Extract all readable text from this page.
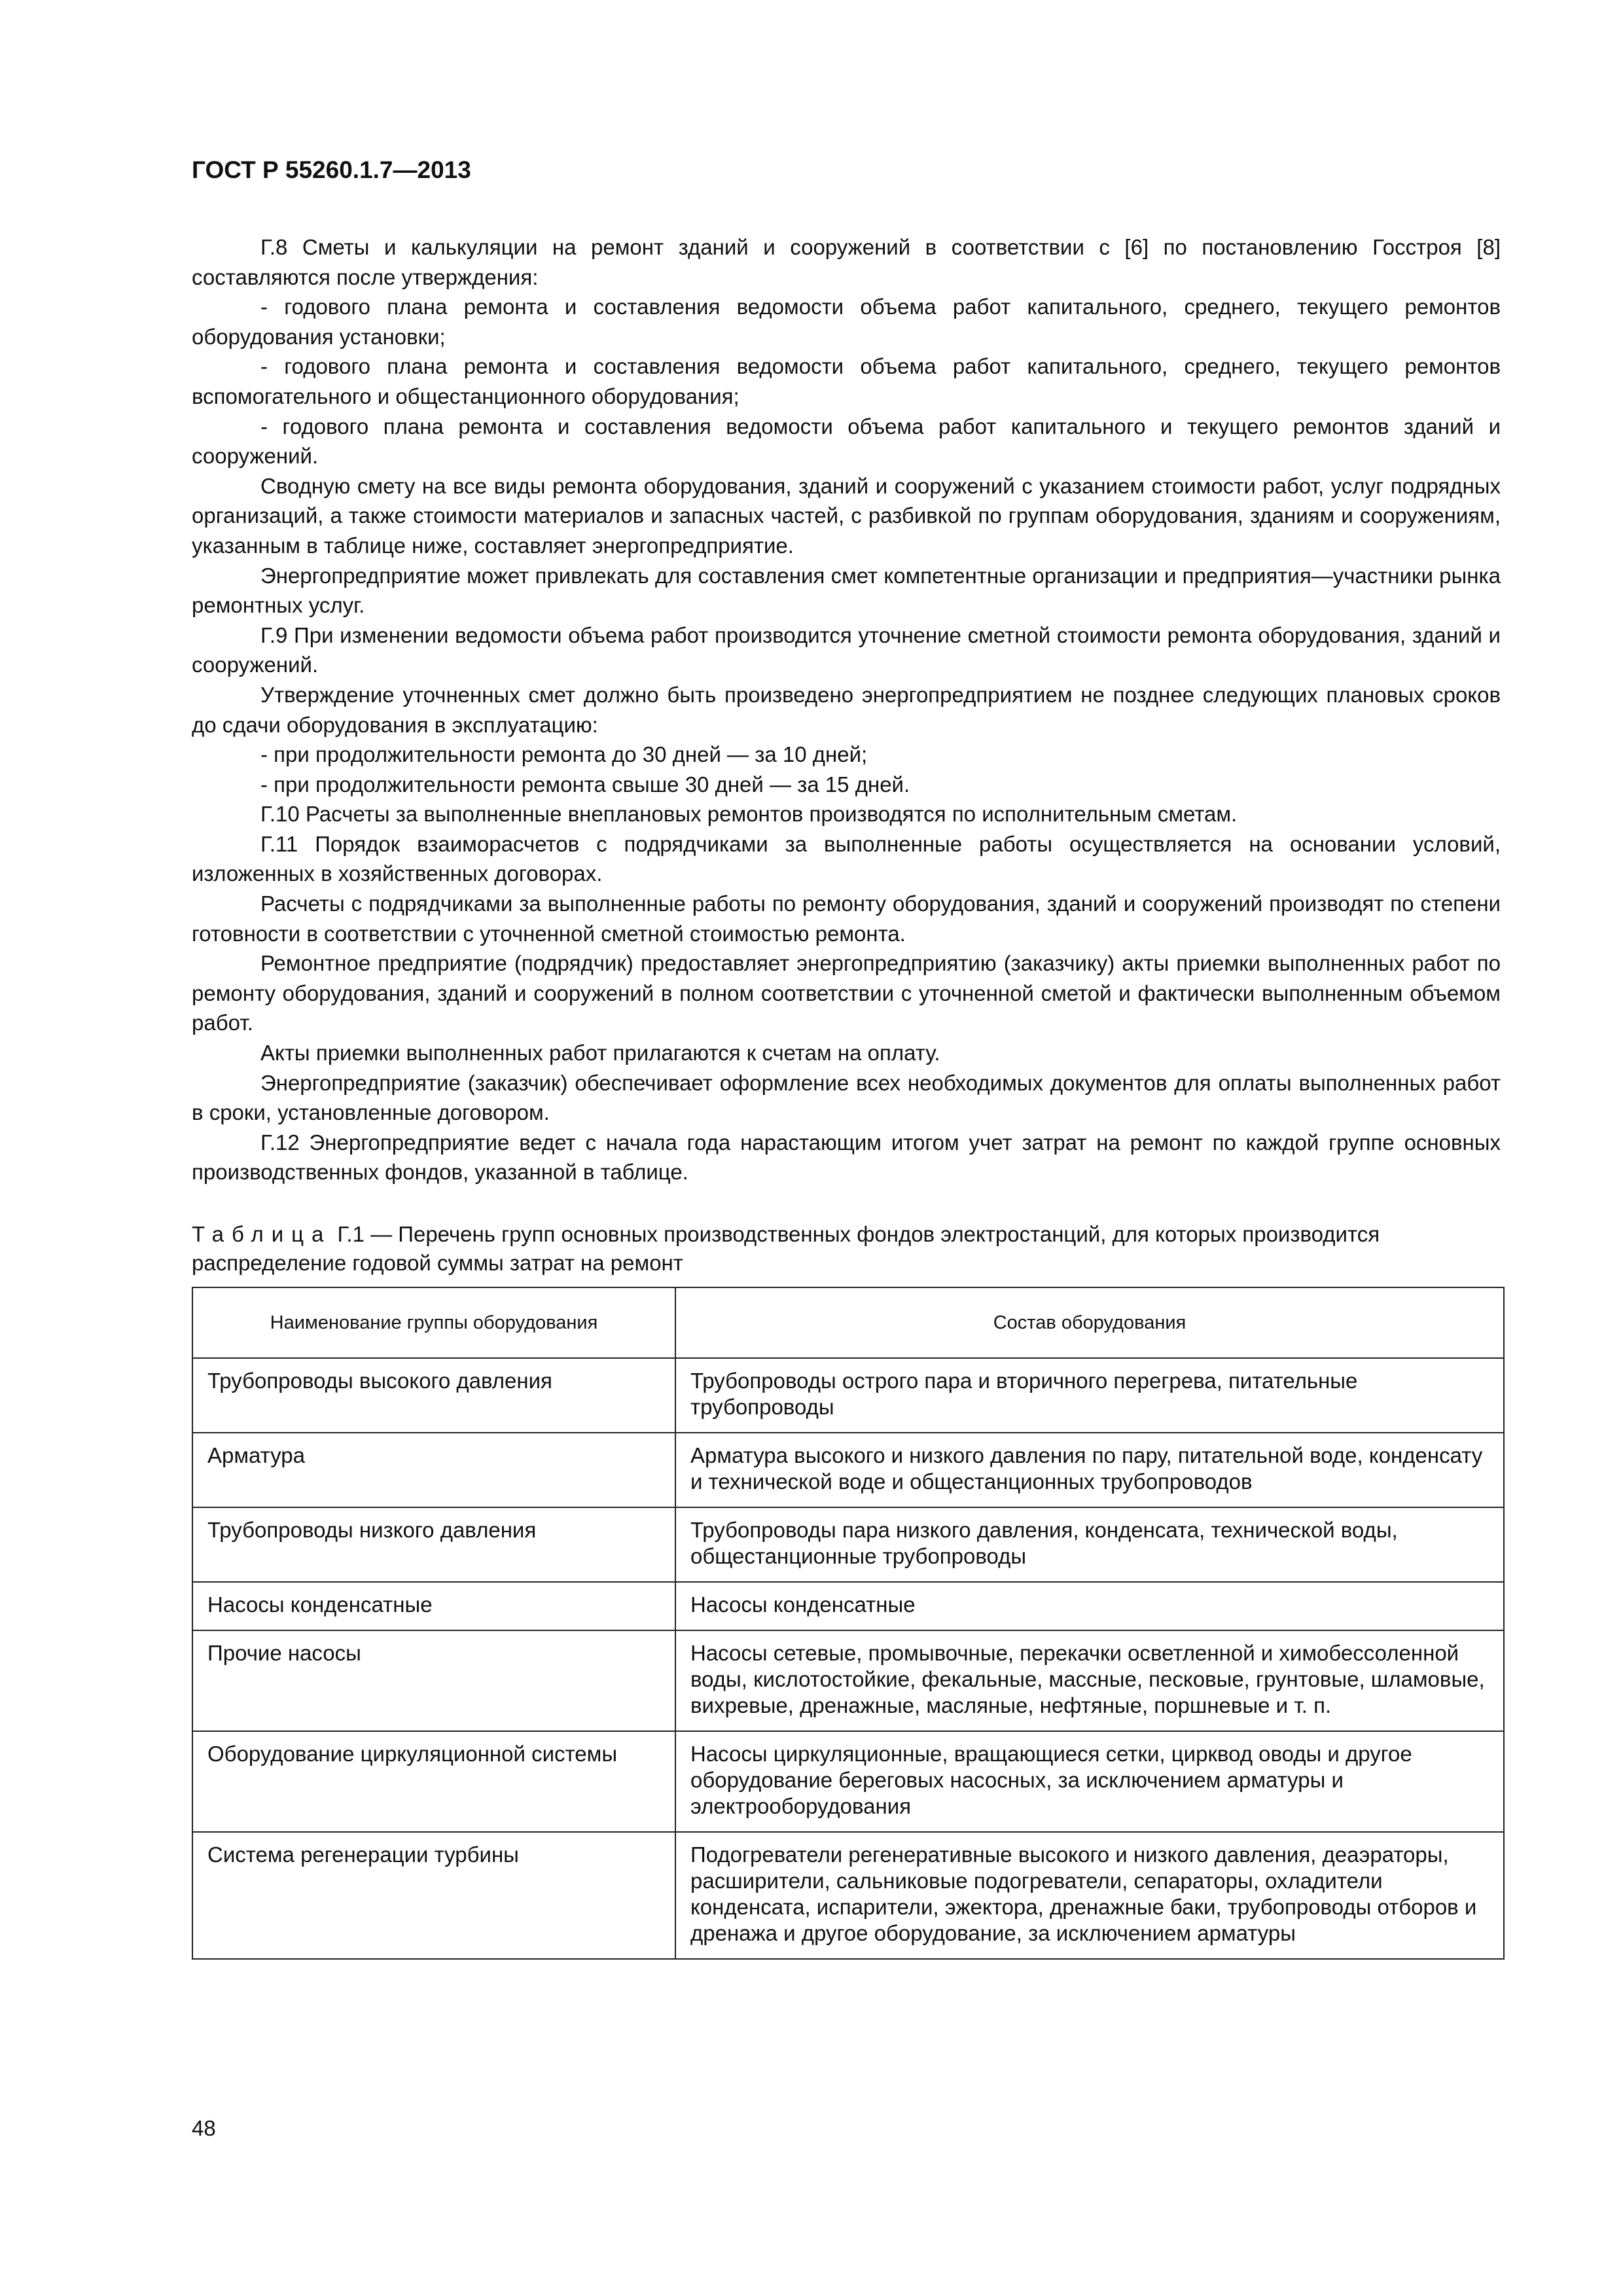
ГОСТ Р 55260.1.7—2013

Г.8 Сметы и калькуляции на ремонт зданий и сооружений в соответствии с [6] по постановлению Госстроя [8] составляются после утверждения:

- годового плана ремонта и составления ведомости объема работ капитального, среднего, текущего ремонтов оборудования установки;

- годового плана ремонта и составления ведомости объема работ капитального, среднего, текущего ремонтов вспомогательного и общестанционного оборудования;

- годового плана ремонта и составления ведомости объема работ капитального и текущего ремонтов зданий и сооружений.

Сводную смету на все виды ремонта оборудования, зданий и сооружений с указанием стоимости работ, услуг подрядных организаций, а также стоимости материалов и запасных частей, с разбивкой по группам оборудования, зданиям и сооружениям, указанным в таблице ниже, составляет энергопредприятие.

Энергопредприятие может привлекать для составления смет компетентные организации и предприятия—участники рынка ремонтных услуг.

Г.9 При изменении ведомости объема работ производится уточнение сметной стоимости ремонта оборудования, зданий и сооружений.

Утверждение уточненных смет должно быть произведено энергопредприятием не позднее следующих плановых сроков до сдачи оборудования в эксплуатацию:

- при продолжительности ремонта до 30 дней — за 10 дней;

- при продолжительности ремонта свыше 30 дней — за 15 дней.

Г.10 Расчеты за выполненные внеплановых ремонтов производятся по исполнительным сметам.

Г.11 Порядок взаиморасчетов с подрядчиками за выполненные работы осуществляется на основании условий, изложенных в хозяйственных договорах.

Расчеты с подрядчиками за выполненные работы по ремонту оборудования, зданий и сооружений производят по степени готовности в соответствии с уточненной сметной стоимостью ремонта.

Ремонтное предприятие (подрядчик) предоставляет энергопредприятию (заказчику) акты приемки выполненных работ по ремонту оборудования, зданий и сооружений в полном соответствии с уточненной сметой и фактически выполненным объемом работ.

Акты приемки выполненных работ прилагаются к счетам на оплату.

Энергопредприятие (заказчик) обеспечивает оформление всех необходимых документов для оплаты выполненных работ в сроки, установленные договором.

Г.12 Энергопредприятие ведет с начала года нарастающим итогом учет затрат на ремонт по каждой группе основных производственных фондов, указанной в таблице.

Таблица Г.1 — Перечень групп основных производственных фондов электростанций, для которых производится распределение годовой суммы затрат на ремонт
Наименование группы оборудования	Состав оборудования
Трубопроводы высокого давления	Трубопроводы острого пара и вторичного перегрева, питательные трубопроводы
Арматура	Арматура высокого и низкого давления по пару, питательной воде, конденсату и технической воде и общестанционных трубопроводов
Трубопроводы низкого давления	Трубопроводы пара низкого давления, конденсата, технической воды, общестанционные трубопроводы
Насосы конденсатные	Насосы конденсатные
Прочие насосы	Насосы сетевые, промывочные, перекачки осветленной и химобессоленной воды, кислотостойкие, фекальные, массные, песковые, грунтовые, шламовые, вихревые, дренажные, масляные, нефтяные, поршневые и т. п.
Оборудование циркуляционной системы	Насосы циркуляционные, вращающиеся сетки, цирквод оводы и другое оборудование береговых насосных, за исключением арматуры и электрооборудования
Система регенерации турбины	Подогреватели регенеративные высокого и низкого давления, деаэраторы, расширители, сальниковые подогреватели, сепараторы, охладители конденсата, испарители, эжектора, дренажные баки, трубопроводы отборов и дренажа и другое оборудование, за исключением арматуры
48
